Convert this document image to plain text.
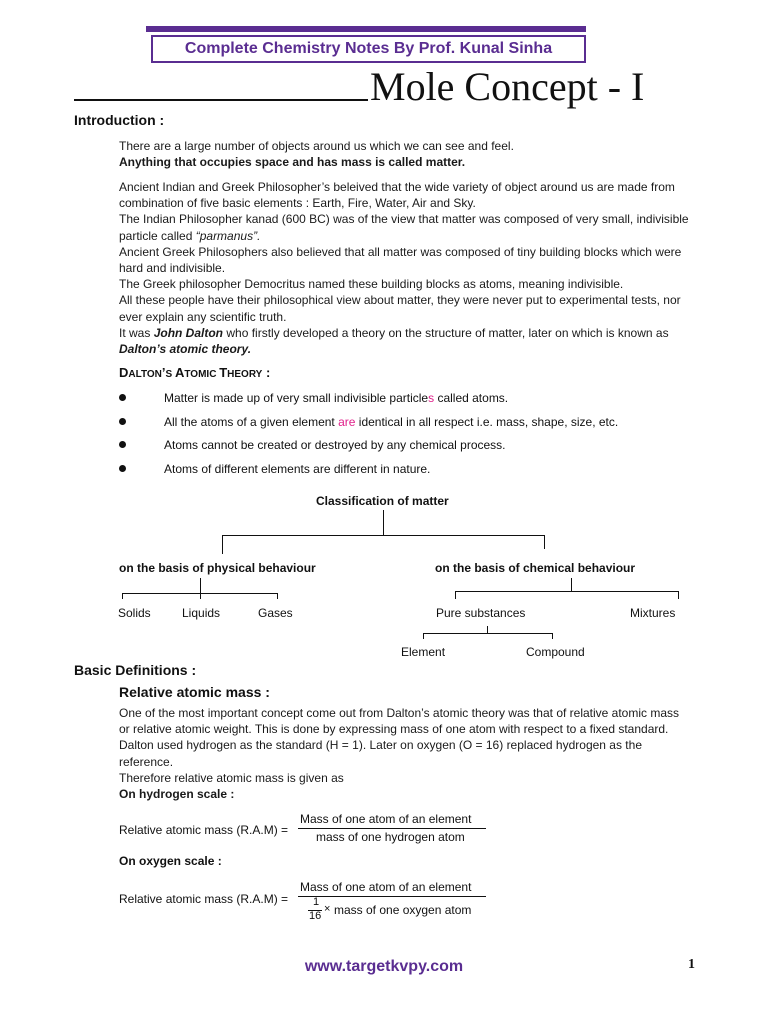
Complete Chemistry Notes By Prof. Kunal Sinha
Mole Concept - I
Introduction :

There are a large number of objects around us which we can see and feel.

Anything that occupies space and has mass is called matter.

Ancient Indian and Greek Philosopher’s beleived that the wide variety of object around us are made from

combination of five basic elements : Earth, Fire, Water, Air and Sky.

The Indian Philosopher kanad (600 BC) was of the view that matter was composed of very small, indivisible

particle called “parmanus”.

Ancient Greek Philosophers also believed that all matter was composed of tiny building blocks which were

hard and indivisible.

The Greek philosopher Democritus named these building blocks as atoms, meaning indivisible.

All these people have their philosophical view about matter, they were never put to experimental tests, nor

ever explain any scientific truth.

It was John Dalton who firstly developed a theory on the structure of matter, later on which is known as

Dalton’s atomic theory.

DALTON’S ATOMIC THEORY :
Matter is made up of very small indivisible particles called atoms.
All the atoms of a given element are identical in all respect i.e. mass, shape, size, etc.
Atoms cannot be created or destroyed by any chemical process.
Atoms of different elements are different in nature.
Classification of matter
on the basis of physical behaviour	on the basis of chemical behaviour
Solids	Liquids	Gases	Pure substances	Mixtures
Element	Compound
Basic Definitions :
Relative atomic mass :

One of the most important concept come out from Dalton’s atomic theory was that of relative atomic mass

or relative atomic weight. This is done by expressing mass of one atom with respect to a fixed standard.

Dalton used hydrogen as the standard (H = 1). Later on oxygen (O = 16) replaced hydrogen as the reference.

Therefore relative atomic mass is given as

On hydrogen scale :

Relative atomic mass (R.A.M) =
Mass of one atom of an element
mass of one hydrogen atom
On oxygen scale :
Relative atomic mass (R.A.M) =
Mass of one atom of an element
1
16
× mass of one oxygen atom
www.targetkvpy.com	1
